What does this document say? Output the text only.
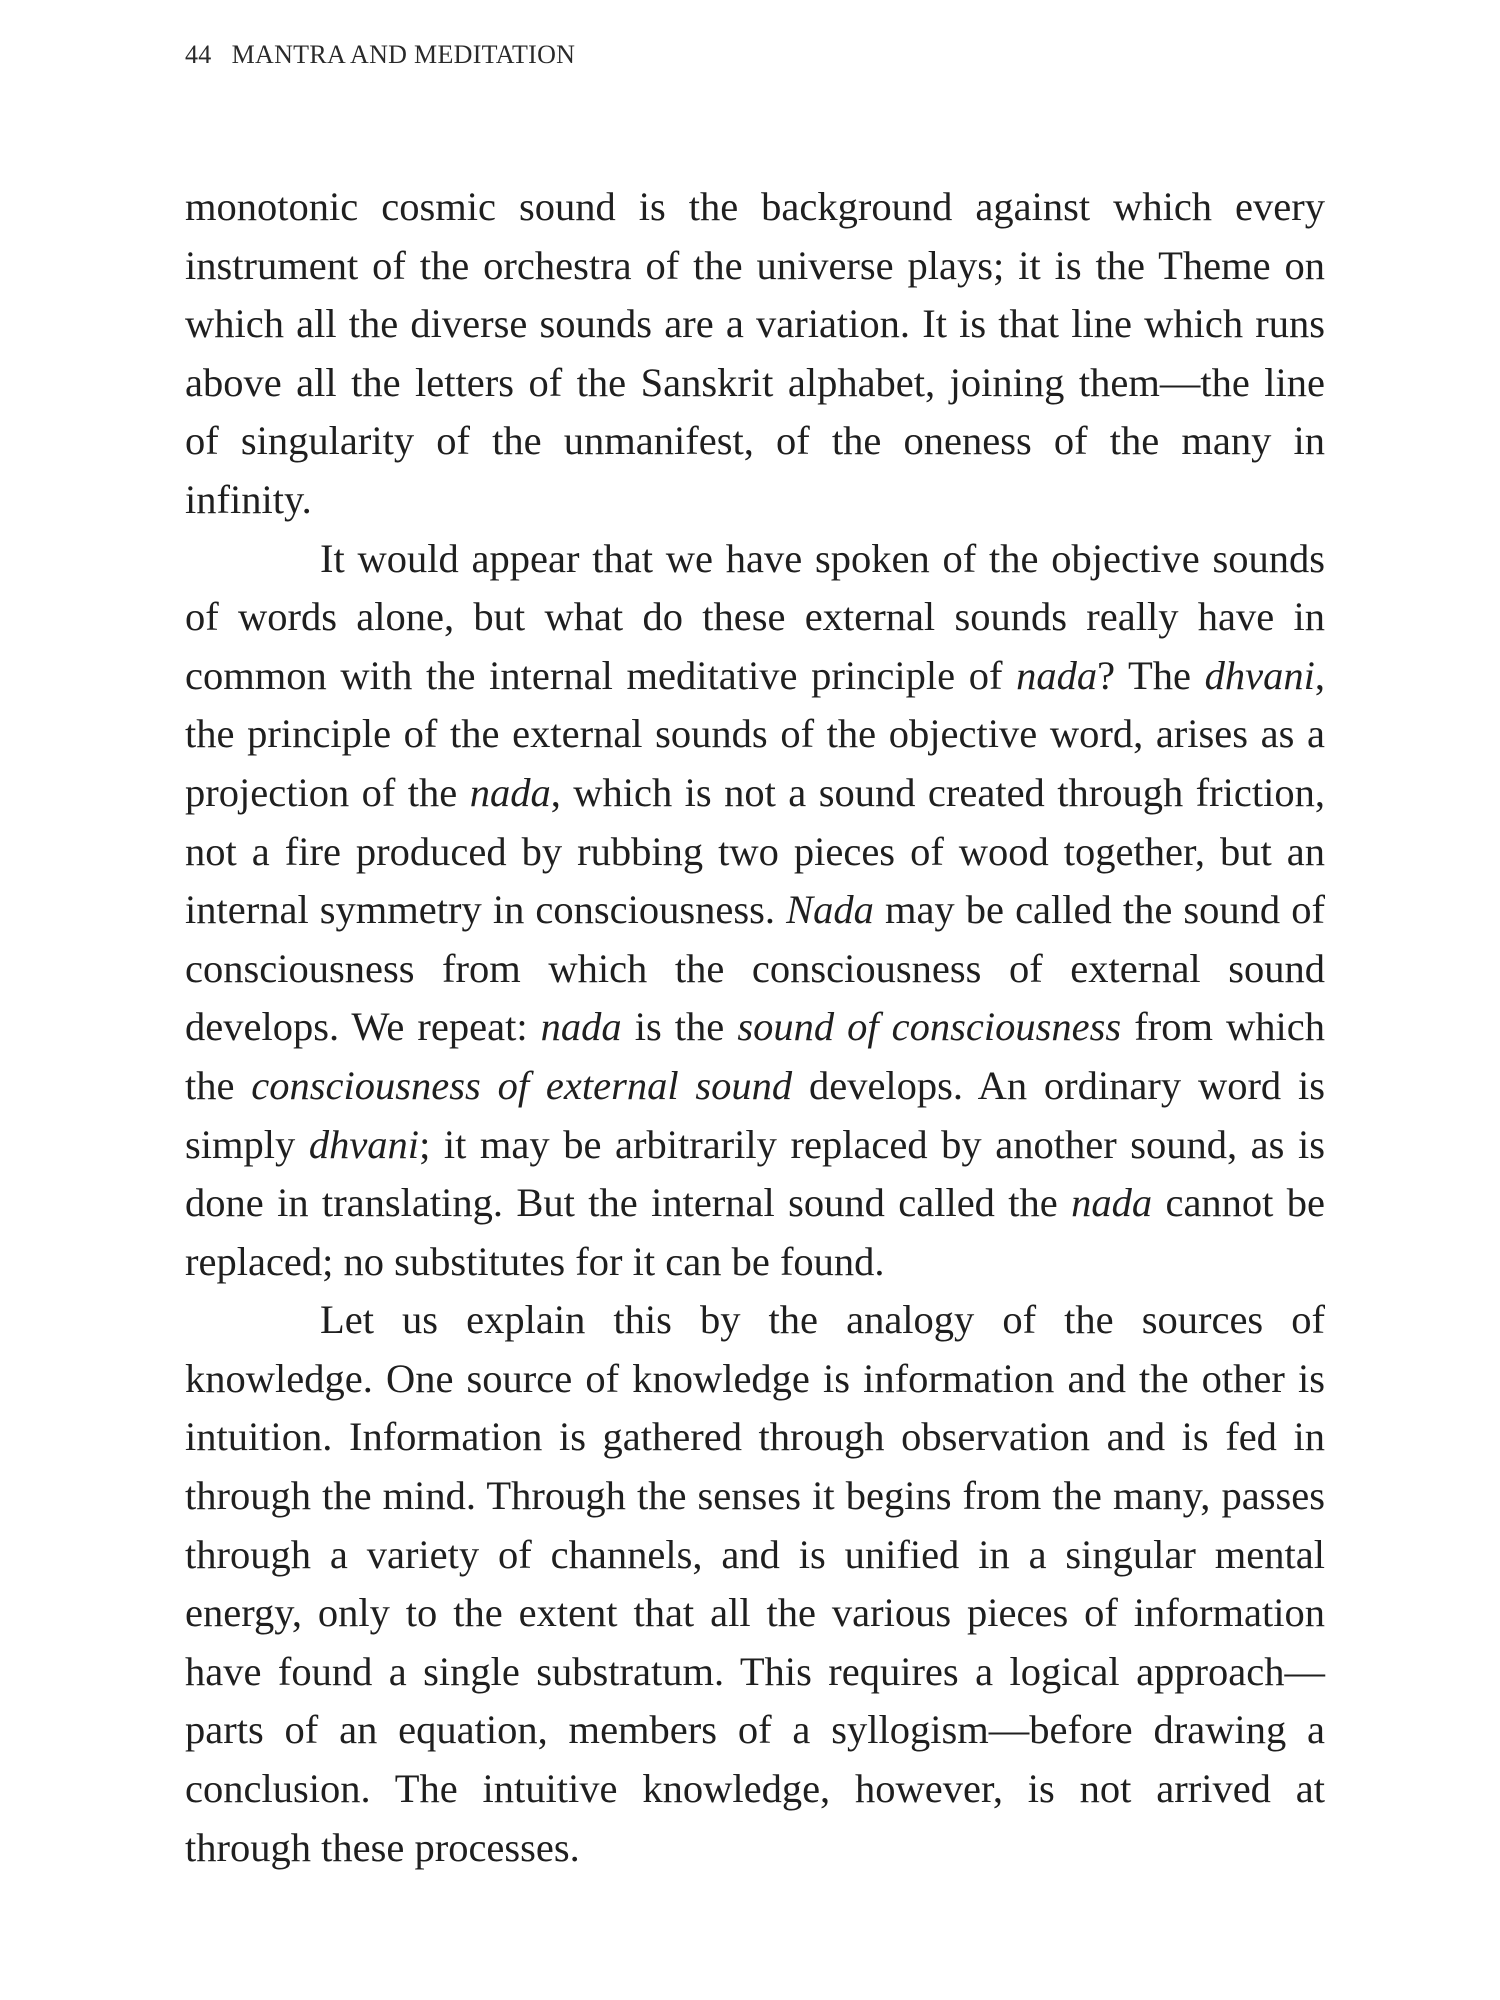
44 MANTRA AND MEDITATION

monotonic cosmic sound is the background against which every instrument of the orchestra of the universe plays; it is the Theme on which all the diverse sounds are a variation. It is that line which runs above all the letters of the Sanskrit alphabet, joining them—the line of singularity of the unmanifest, of the oneness of the many in infinity.

It would appear that we have spoken of the objective sounds of words alone, but what do these external sounds really have in common with the internal meditative principle of nada? The dhvani, the principle of the external sounds of the objective word, arises as a projection of the nada, which is not a sound created through friction, not a fire produced by rubbing two pieces of wood together, but an internal symmetry in consciousness. Nada may be called the sound of consciousness from which the consciousness of external sound develops. We repeat: nada is the sound of consciousness from which the consciousness of external sound develops. An ordinary word is simply dhvani; it may be arbitrarily replaced by another sound, as is done in translating. But the internal sound called the nada cannot be replaced; no substitutes for it can be found.

Let us explain this by the analogy of the sources of knowledge. One source of knowledge is information and the other is intuition. Information is gathered through observation and is fed in through the mind. Through the senses it begins from the many, passes through a variety of channels, and is unified in a singular mental energy, only to the extent that all the various pieces of information have found a single substratum. This requires a logical approach—parts of an equation, members of a syllogism—before drawing a conclusion. The intuitive knowledge, however, is not arrived at through these processes.
